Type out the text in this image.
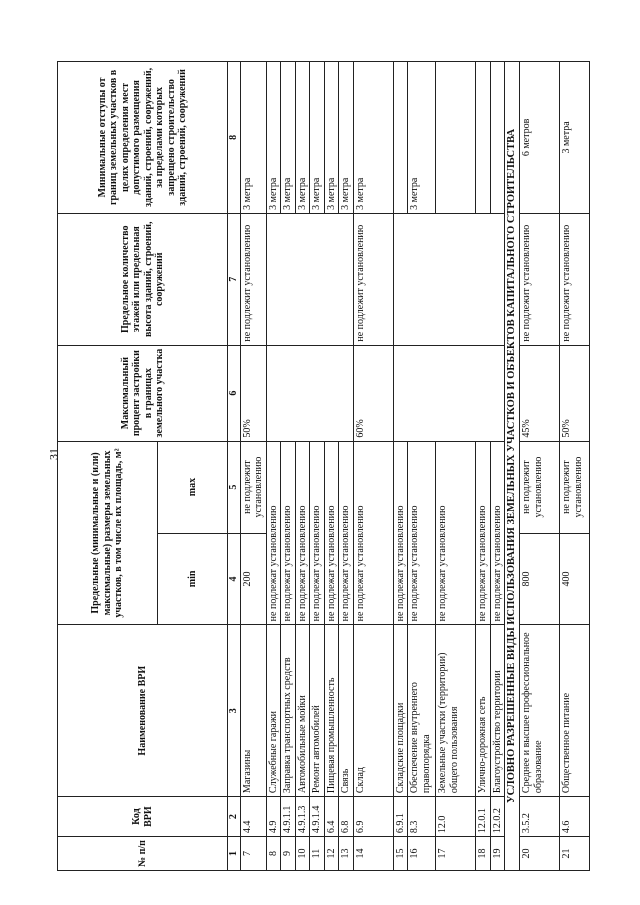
31
№ п/п	Код ВРИ	Наименование ВРИ	Предельные (минимальные и (или) максимальные) размеры земельных участков, в том числе их площадь, м²		Максимальный процент застройки в границах земельного участка	Предельное количество этажей или предельная высота зданий, строений, сооружений	Минимальные отступы от границ земельных участков в целях определения мест допустимого размещения зданий, строений, сооружений, за пределами которых запрещено строительство зданий, строений, сооружений
			min	max			
1	2	3	4	5	6	7	8
7	4.4	Магазины	200	не подлежит установлению	50%	не подлежит установлению	3 метра
8	4.9	Служебные гаражи	не подлежат установлению				3 метра
9	4.9.1.1	Заправка транспортных средств	не подлежат установлению				3 метра
10	4.9.1.3	Автомобильные мойки	не подлежат установлению				3 метра
11	4.9.1.4	Ремонт автомобилей	не подлежат установлению				3 метра
12	6.4	Пищевая промышленность	не подлежат установлению				3 метра
13	6.8	Связь	не подлежат установлению				3 метра
14	6.9	Склад	не подлежат установлению		60%	не подлежит установлению	3 метра
15	6.9.1	Складские площадки	не подлежат установлению				
16	8.3	Обеспечение внутреннего правопорядка	не подлежат установлению				3 метра
17	12.0	Земельные участки (территории) общего пользования	не подлежат установлению				
18	12.0.1	Улично-дорожная сеть	не подлежат установлению				
19	12.0.2	Благоустройство территории	не подлежат установлению				
УСЛОВНО РАЗРЕШЕННЫЕ ВИДЫ ИСПОЛЬЗОВАНИЯ ЗЕМЕЛЬНЫХ УЧАСТКОВ И ОБЪЕКТОВ КАПИТАЛЬНОГО СТРОИТЕЛЬСТВА							
20	3.5.2	Среднее и высшее профессиональное образование	800	не подлежит установлению	45%	не подлежит установлению	6 метров
21	4.6	Общественное питание	400	не подлежит установлению	50%	не подлежит установлению	3 метра
